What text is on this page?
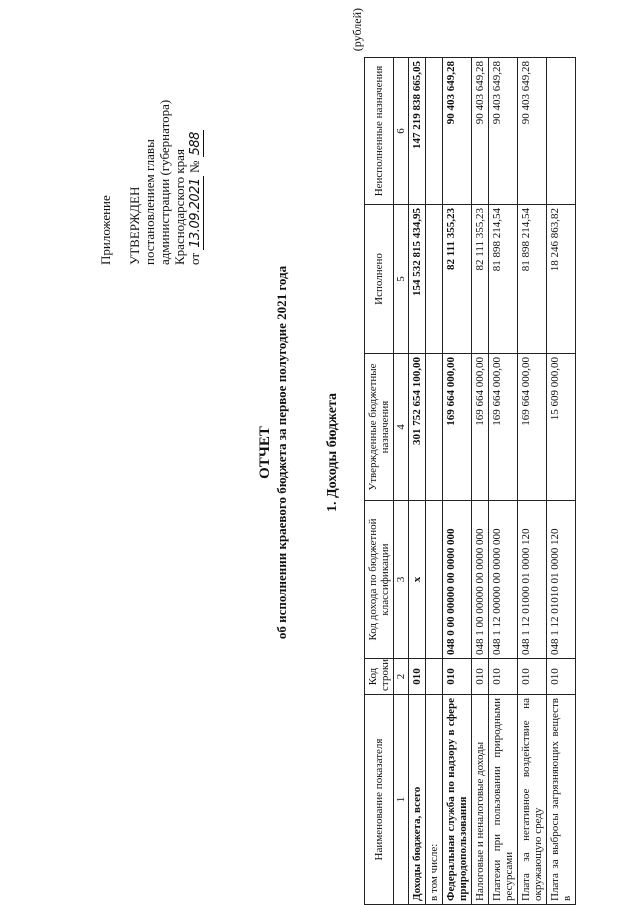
Приложение УТВЕРЖДЕН постановлением главы администрации (губернатора) Краснодарского края от 13.09.2021 № 588
ОТЧЕТ об исполнении краевого бюджета за первое полугодие 2021 года	1. Доходы бюджета
(рублей)
Наименование показателя	Код строки	Код дохода по бюджетной классификации	Утвержденные бюджетные назначения	Исполнено	Неисполненные назначения
1	2	3	4	5	6
Доходы бюджета, всего	010	x	301 752 654 100,00	154 532 815 434,95	147 219 838 665,05
в том числе:					
Федеральная служба по надзору в сфере природопользования	010	048 0 00 00000 00 0000 000	169 664 000,00	82 111 355,23	90 403 649,28
Налоговые и неналоговые доходы	010	048 1 00 00000 00 0000 000	169 664 000,00	82 111 355,23	90 403 649,28
Платежи при пользовании природными ресурсами	010	048 1 12 00000 00 0000 000	169 664 000,00	81 898 214,54	90 403 649,28
Плата за негативное воздействие на окружающую среду	010	048 1 12 01000 01 0000 120	169 664 000,00	81 898 214,54	90 403 649,28
Плата за выбросы загрязняющих веществ в	010	048 1 12 01010 01 0000 120	15 609 000,00	18 246 863,82	
